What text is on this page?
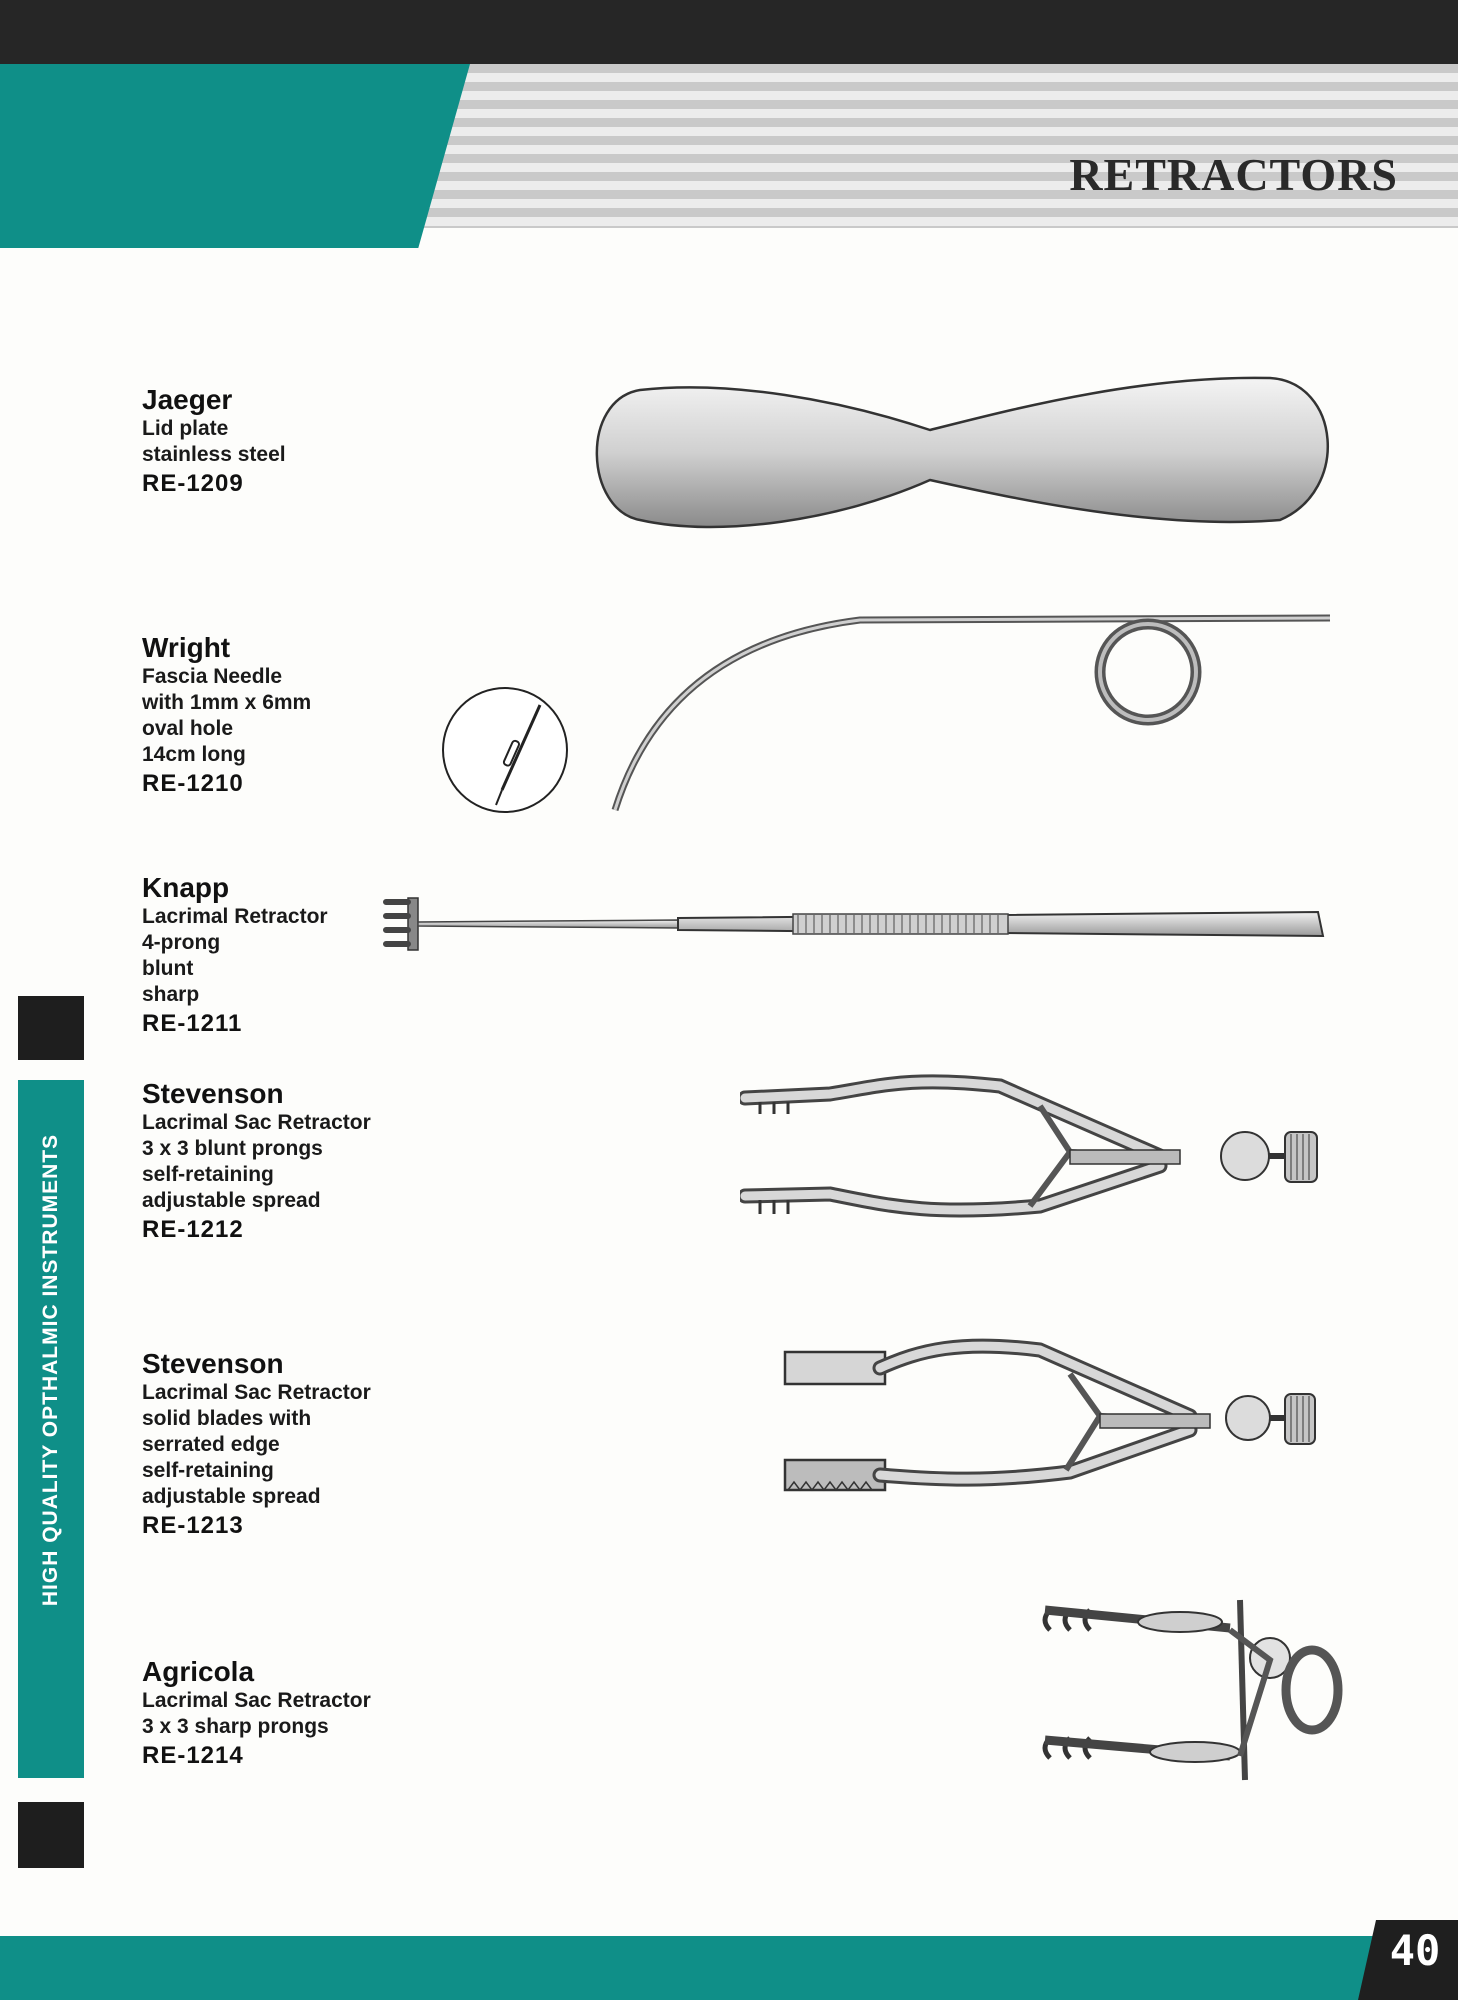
RETRACTORS
HIGH QUALITY OPTHALMIC INSTRUMENTS
Jaeger
Lid plate
stainless steel
RE-1209
Wright
Fascia Needle
with 1mm x 6mm
oval hole
14cm long
RE-1210
Knapp
Lacrimal Retractor
4-prong
blunt
sharp
RE-1211
Stevenson
Lacrimal Sac Retractor
3 x 3 blunt prongs
self-retaining
adjustable spread
RE-1212
Stevenson
Lacrimal Sac Retractor
solid blades with
serrated edge
self-retaining
adjustable spread
RE-1213
Agricola
Lacrimal Sac Retractor
3 x 3 sharp prongs
RE-1214
40
